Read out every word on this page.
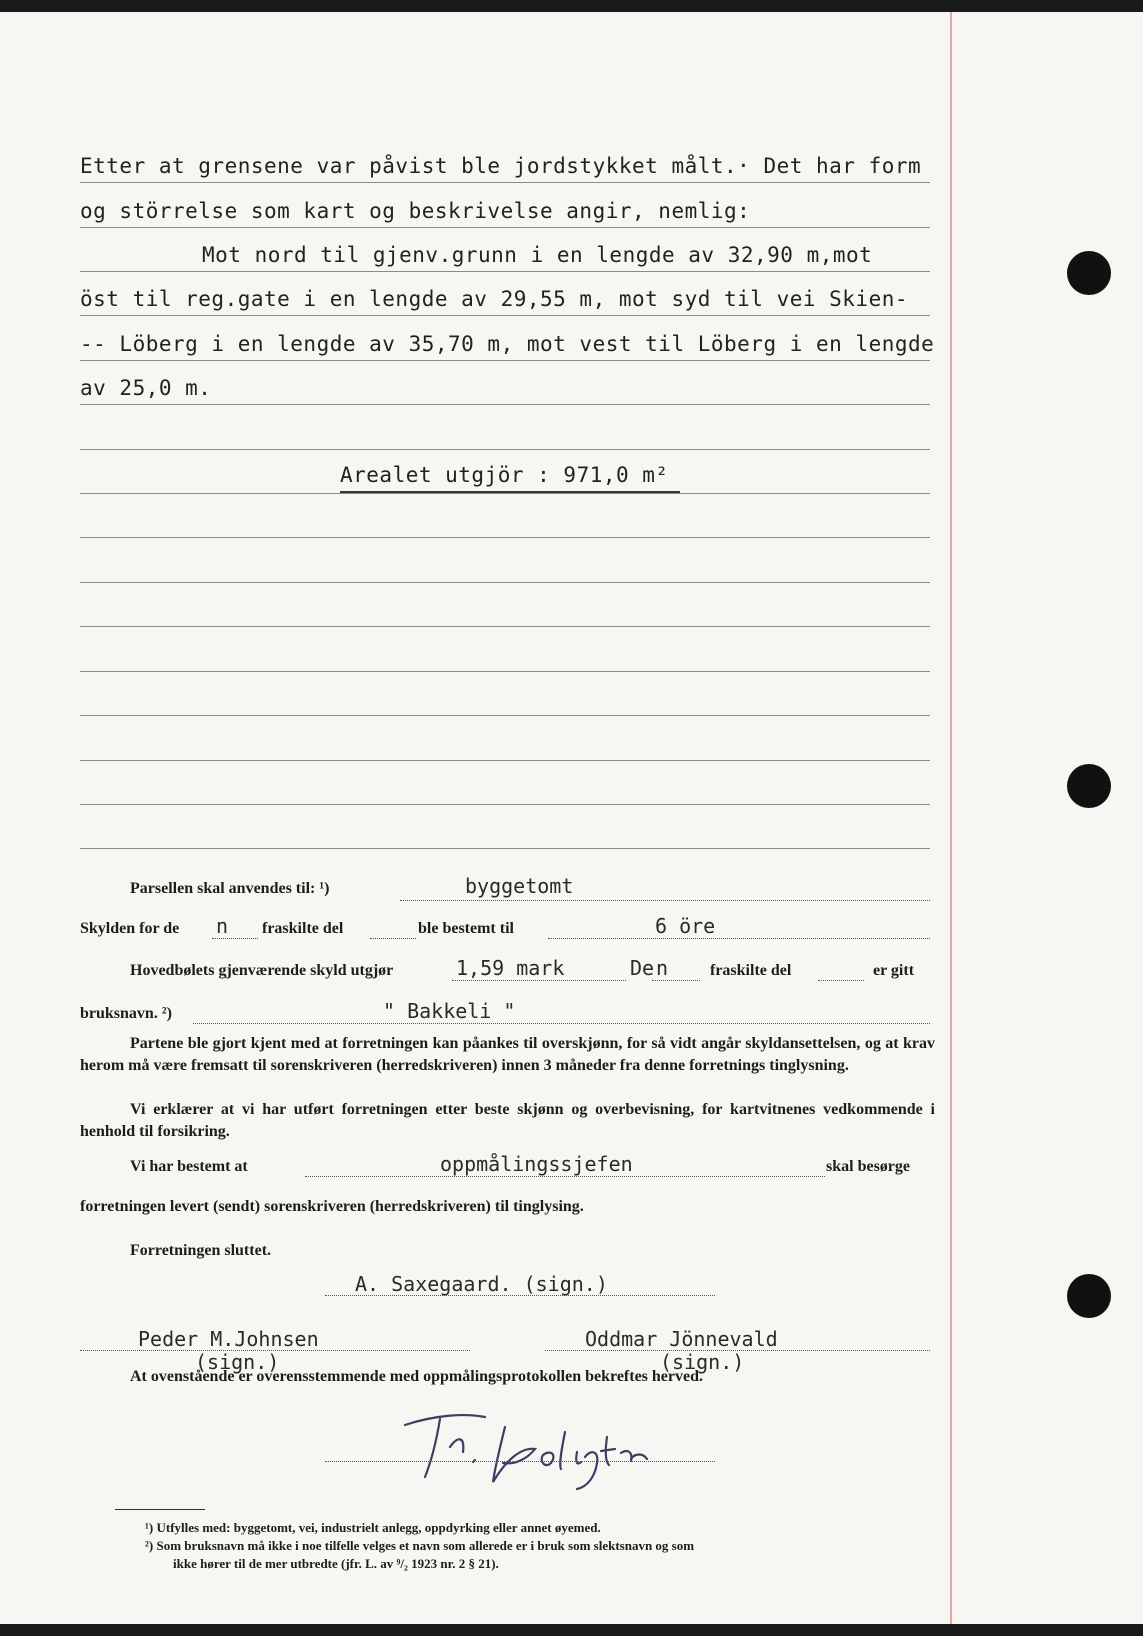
Etter at grensene var påvist ble jordstykket målt.· Det har form
og störrelse som kart og beskrivelse angir, nemlig:
Mot nord til gjenv.grunn i en lengde av 32,90 m,mot
öst til reg.gate i en lengde av 29,55 m, mot syd til vei Skien-
-- Löberg i en lengde av 35,70 m, mot vest til Löberg i en lengde
av 25,0 m.
Arealet utgjör : 971,0 m²
Parsellen skal anvendes til: ¹)	byggetomt
Skylden for de n fraskilte del	ble bestemt til	6 öre
Hovedbølets gjenværende skyld utgjør	1,59 mark	De n	fraskilte del	er gitt
bruksnavn. ²)	" Bakkeli "
Partene ble gjort kjent med at forretningen kan påankes til overskjønn, for så vidt angår skyldansettelsen, og at krav herom må være fremsatt til sorenskriveren (herredskriveren) innen 3 måneder fra denne forretnings tinglysning.
Vi erklærer at vi har utført forretningen etter beste skjønn og overbevisning, for kartvitnenes vedkommende i henhold til forsikring.
Vi har bestemt at	oppmålingssjefen	skal besørge
forretningen levert (sendt) sorenskriveren (herredskriveren) til tinglysing.
Forretningen sluttet.
A. Saxegaard. (sign.)
Peder M.Johnsen
(sign.)
Oddmar Jönnevald
(sign.)
At ovenstående er overensstemmende med oppmålingsprotokollen bekreftes herved.
¹) Utfylles med: byggetomt, vei, industrielt anlegg, oppdyrking eller annet øyemed.
²) Som bruksnavn må ikke i noe tilfelle velges et navn som allerede er i bruk som slektsnavn og som
ikke hører til de mer utbredte (jfr. L. av ⁹/₂ 1923 nr. 2 § 21).
